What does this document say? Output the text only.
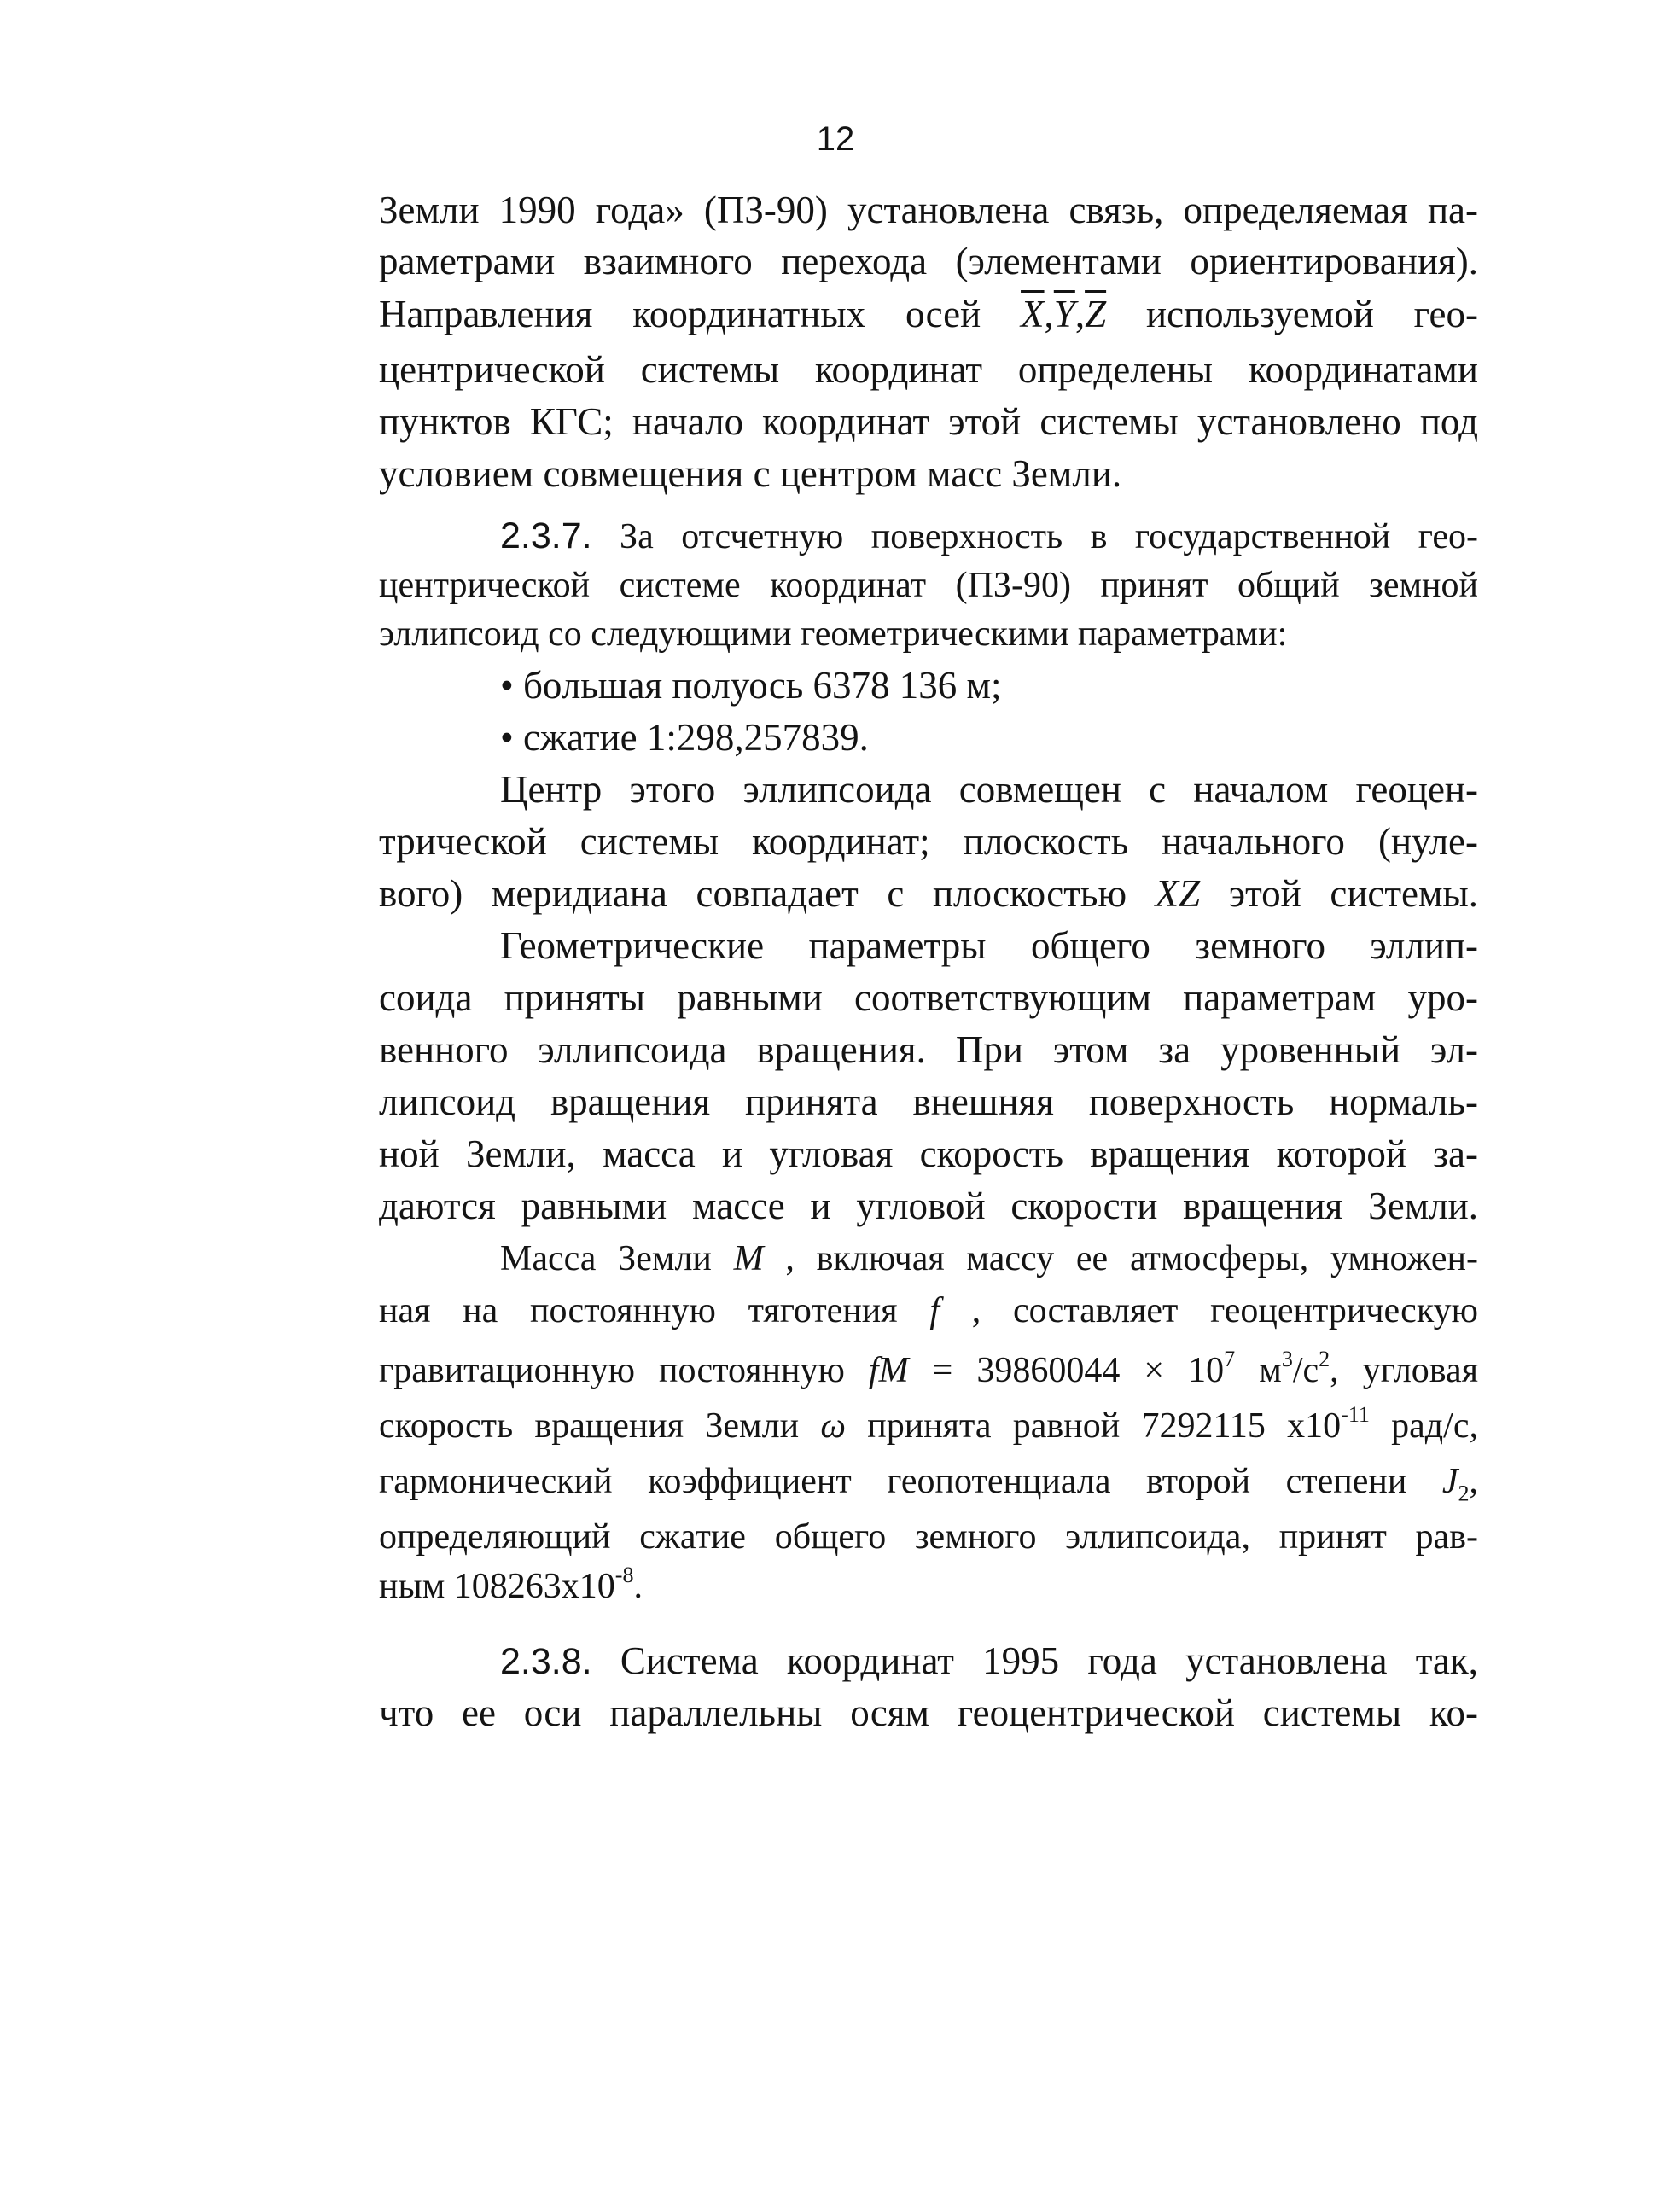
12
Земли 1990 года» (ПЗ-90) установлена связь, определяемая па-
раметрами взаимного перехода (элементами ориентирования).
Направления координатных осей $\overline{X},\overline{Y},\overline{Z}$ используемой гео-
центрической системы координат определены координатами
пунктов КГС; начало координат этой системы установлено под
условием совмещения с центром масс Земли.
2.3.7. За отсчетную поверхность в государственной гео-
центрической системе координат (ПЗ-90) принят общий земной
эллипсоид со следующими геометрическими параметрами:
• большая полуось 6378 136 м;
• сжатие 1:298,257839.
Центр этого эллипсоида совмещен с началом геоцен-
трической системы координат; плоскость начального (нуле-
вого) меридиана совпадает с плоскостью XZ этой системы.
Геометрические параметры общего земного эллип-
соида приняты равными соответствующим параметрам уро-
венного эллипсоида вращения. При этом за уровенный эл-
липсоид вращения принята внешняя поверхность нормаль-
ной Земли, масса и угловая скорость вращения которой за-
даются равными массе и угловой скорости вращения Земли.
Масса Земли M , включая массу ее атмосферы, умножен-
ная на постоянную тяготения f , составляет геоцентрическую
гравитационную постоянную fM = $39860044 \times 10^7$ $м^3/с^2$, угловая
скорость вращения Земли ω принята равной 7292115 $х10^{-11}$ рад/с,
гармонический коэффициент геопотенциала второй степени $J_2$,
определяющий сжатие общего земного эллипсоида, принят рав-
ным $108263х10^{-8}$.
2.3.8. Система координат 1995 года установлена так,
что ее оси параллельны осям геоцентрической системы ко-
